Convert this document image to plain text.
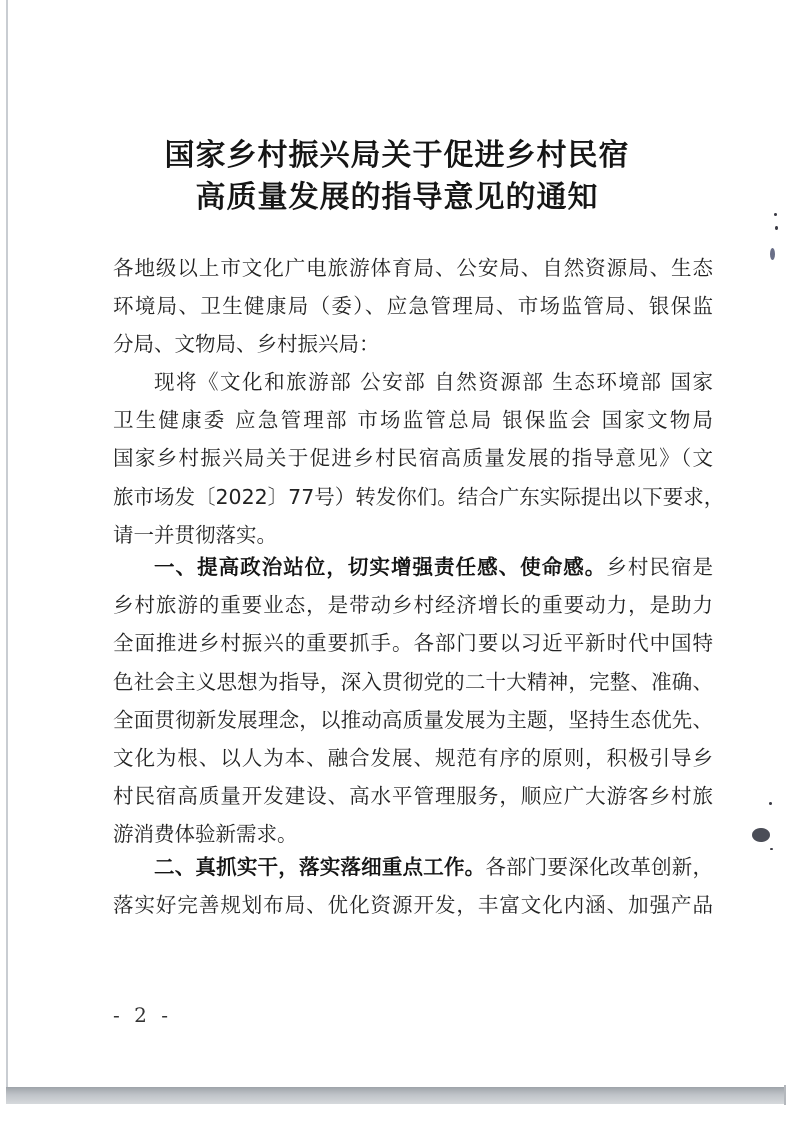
国家乡村振兴局关于促进乡村民宿
高质量发展的指导意见的通知
各地级以上市文化广电旅游体育局、公安局、自然资源局、生态
环境局、卫生健康局（委）、应急管理局、市场监管局、银保监
分局、文物局、乡村振兴局：
现将《文化和旅游部 公安部 自然资源部 生态环境部 国家
卫生健康委 应急管理部 市场监管总局 银保监会 国家文物局
国家乡村振兴局关于促进乡村民宿高质量发展的指导意见》（文
旅市场发〔2022〕77号）转发你们。结合广东实际提出以下要求，
请一并贯彻落实。
一、提高政治站位，切实增强责任感、使命感。乡村民宿是
乡村旅游的重要业态，是带动乡村经济增长的重要动力，是助力
全面推进乡村振兴的重要抓手。各部门要以习近平新时代中国特
色社会主义思想为指导，深入贯彻党的二十大精神，完整、准确、
全面贯彻新发展理念，以推动高质量发展为主题，坚持生态优先、
文化为根、以人为本、融合发展、规范有序的原则，积极引导乡
村民宿高质量开发建设、高水平管理服务，顺应广大游客乡村旅
游消费体验新需求。
二、真抓实干，落实落细重点工作。各部门要深化改革创新，
落实好完善规划布局、优化资源开发，丰富文化内涵、加强产品
- 2 -
